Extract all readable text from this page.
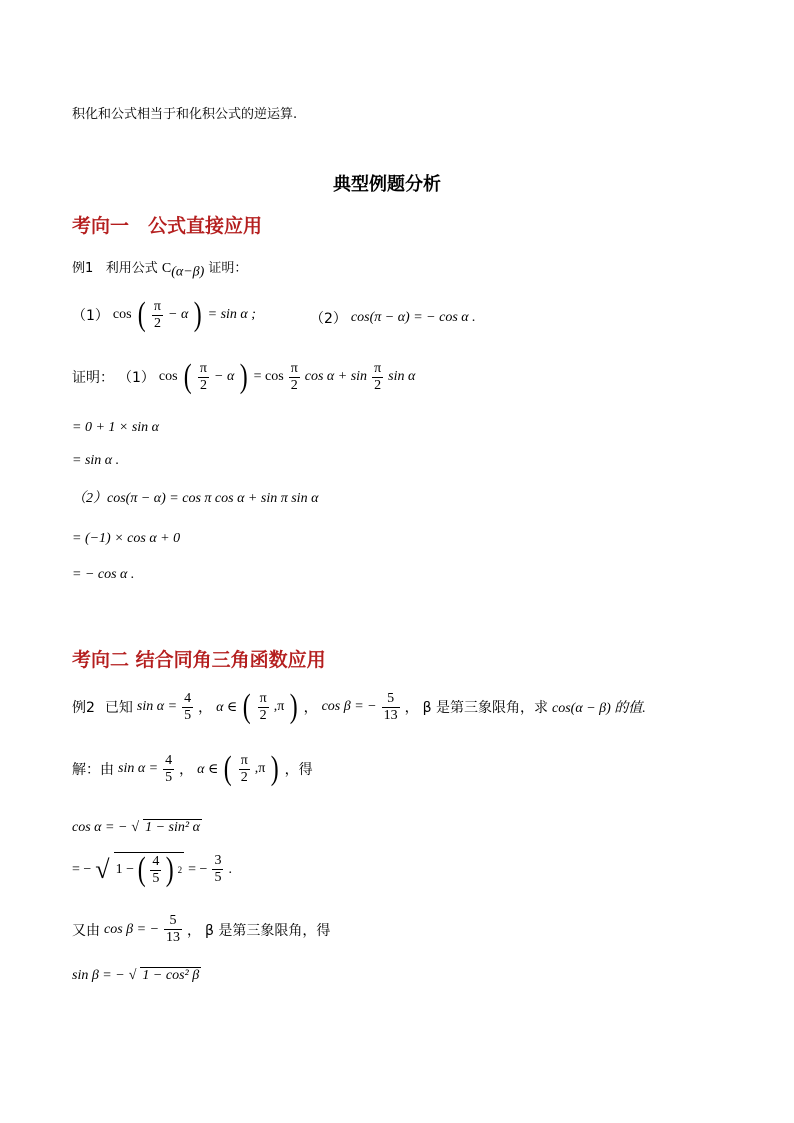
积化和公式相当于和化积公式的逆运算.
典型例题分析
考向一　公式直接应用
例1 利用公式 $C_{(\alpha-\beta)}$ 证明：
（1） cos ( $\frac{\pi}{2} - \alpha$ ) = sin α ;	（2） cos(π − α) = − cos α .
证明： （1） cos ( $\frac{\pi}{2} - \alpha$ ) = $\cos \frac{\pi}{2}$ $\cos \alpha + \sin \frac{\pi}{2}$ sin α
= 0 + 1 × sin α
= sin α .
（2）cos(π − α) = cos π cos α + sin π sin α
= (−1) × cos α + 0
= − cos α .
考向二 结合同角三角函数应用
例2 已知 $\sin \alpha = \frac{4}{5}$ ， α ∈ ( $\frac{\pi}{2} ,\pi$ ) ， cos β = − $\frac{5}{13}$ ， β 是第三象限角，求 cos(α − β) 的值.
解：由 $\sin \alpha = \frac{4}{5}$ ， α ∈ ( $\frac{\pi}{2} ,\pi$ ) ，得
cos α = − √ 1 − sin² α
= − √ 1 − ( $\frac{4}{5}$ ) 2 = − $\frac{3}{5}$ .
又由 cos β = − $\frac{5}{13}$ ， β 是第三象限角，得
sin β = − √ 1 − cos² β
